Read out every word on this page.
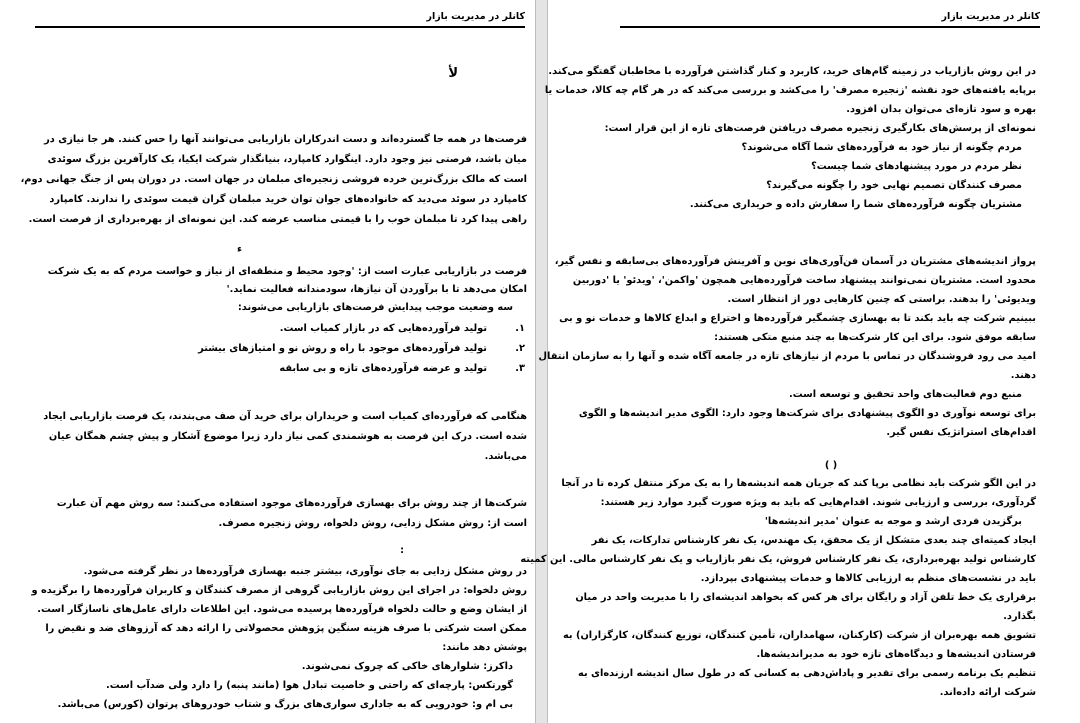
کانلر در مدیریت بازار
لأ
فرصت‌ها در همه جا گسترده‌اند و دست اندرکاران بازاریابی می‌توانند آنها را حس کنند. هر جا نیازی در
میان باشد، فرصتی نیز وجود دارد. اینگوارد کامپارد، بنیانگذار شرکت ایکیا، یک کارآفرین بزرگ سوئدی
است که مالک بزرگ‌ترین خرده فروشی زنجیره‌ای مبلمان در جهان است. در دوران پس از جنگ جهانی دوم،
کامپارد در سوئد می‌دید که خانواده‌های جوان توان خرید مبلمان گران قیمت سوئدی را ندارند. کامپارد
راهی پیدا کرد تا مبلمان خوب را با قیمتی مناسب عرضه کند. این نمونه‌ای از بهره‌برداری از فرصت است.
ء
فرصت در بازاریابی عبارت است از: 'وجود محیط و منطقه‌ای از نیاز و خواست مردم که به یک شرکت
امکان می‌دهد تا با برآوردن آن نیازها، سودمندانه فعالیت نماید.'
سه وضعیت موجب پیدایش فرصت‌های بازاریابی می‌شوند:
تولید فرآورده‌هایی که در بازار کمیاب است.	۱.
تولید فرآورده‌های موجود با راه و روش نو و امتیازهای بیشتر	۲.
تولید و عرضه فرآورده‌های تازه و بی سابقه	۳.
هنگامی که فرآورده‌ای کمیاب است و خریداران برای خرید آن صف می‌بندند، یک فرصت بازاریابی ایجاد
شده است. درک این فرصت به هوشمندی کمی نیاز دارد زیرا موضوع آشکار و پیش چشم همگان عیان
می‌باشد.
شرکت‌ها از چند روش برای بهسازی فرآورده‌های موجود استفاده می‌کنند: سه روش مهم آن عبارت
است از: روش مشکل زدایی، روش دلخواه، روش زنجیره مصرف.
:
در روش مشکل زدایی به جای نوآوری، بیشتر جنبه بهسازی فرآورده‌ها در نظر گرفته می‌شود.
روش دلخواه: در اجرای این روش بازاریابی گروهی از مصرف کنندگان و کاربران فرآورده‌ها را برگزیده و
از ایشان وضع و حالت دلخواه فرآورده‌ها پرسیده می‌شود. این اطلاعات دارای عامل‌های ناسازگار است.
ممکن است شرکتی با صرف هزینه سنگین پژوهش محصولاتی را ارائه دهد که آرزوهای ضد و نقیض را
پوشش دهد مانند:
داکرز: شلوارهای خاکی که چروک نمی‌شوند.
گورتکس: پارچه‌ای که راحتی و خاصیت تبادل هوا (مانند پنبه) را دارد ولی ضدآب است.
بی ام و: خودرویی که به جاداری سواری‌های بزرگ و شتاب خودروهای پرتوان (کورس) می‌باشد.
کانلر در مدیریت بازار
در این روش بازاریاب در زمینه گام‌های خرید، کاربرد و کنار گذاشتن فرآورده با مخاطبان گفتگو می‌کند.
برپایه یافته‌های خود نقشه 'زنجیره مصرف' را می‌کشد و بررسی می‌کند که در هر گام چه کالا، خدمات یا
بهره و سود تازه‌ای می‌توان بدان افزود.
نمونه‌ای از پرسش‌های بکارگیری زنجیره مصرف دریافتن فرصت‌های تازه از این قرار است:
مردم چگونه از نیاز خود به فرآورده‌های شما آگاه می‌شوند؟
نظر مردم در مورد پیشنهادهای شما چیست؟
مصرف کنندگان تصمیم نهایی خود را چگونه می‌گیرند؟
مشتریان چگونه فرآورده‌های شما را سفارش داده و خریداری می‌کنند.
پرواز اندیشه‌های مشتریان در آسمان فن‌آوری‌های نوین و آفرینش فرآورده‌های بی‌سابقه و نفس گیر،
محدود است. مشتریان نمی‌توانند پیشنهاد ساخت فرآورده‌هایی همچون 'واکمن'، 'ویدئو' یا 'دوربین
ویدیوئی' را بدهند. براستی که چنین کارهایی دور از انتظار است.
ببینیم شرکت چه باید بکند تا به بهسازی چشمگیر فرآورده‌ها و اختراع و ابداع کالاها و خدمات نو و بی
سابقه موفق شود. برای این کار شرکت‌ها به چند منبع متکی هستند:
امید می رود فروشندگان در تماس با مردم از نیازهای تازه در جامعه آگاه شده و آنها را به سازمان انتقال
دهند.
منبع دوم فعالیت‌های واحد تحقیق و توسعه است.
برای توسعه نوآوری دو الگوی پیشنهادی برای شرکت‌ها وجود دارد: الگوی مدیر اندیشه‌ها و الگوی
اقدام‌های استراتژیک نفس گیر.
( )
در این الگو شرکت باید نظامی برپا کند که جریان همه اندیشه‌ها را به یک مرکز منتقل کرده تا در آنجا
گردآوری، بررسی و ارزیابی شوند. اقدام‌هایی که باید به ویژه صورت گیرد موارد زیر هستند:
برگزیدن فردی ارشد و موجه به عنوان 'مدیر اندیشه‌ها'
ایجاد کمیته‌ای چند بعدی متشکل از یک محقق، یک مهندس، یک نفر کارشناس تدارکات، یک نفر
کارشناس تولید بهره‌برداری، یک نفر کارشناس فروش، یک نفر بازاریاب و یک نفر کارشناس مالی. این کمیته
باید در نشست‌های منظم به ارزیابی کالاها و خدمات پیشنهادی بپردازد.
برقراری یک خط تلفن آزاد و رایگان برای هر کس که بخواهد اندیشه‌ای را با مدیریت واحد در میان
بگذارد.
تشویق همه بهره‌بران از شرکت (کارکنان، سهامداران، تأمین کنندگان، توزیع کنندگان، کارگزاران) به
فرستادن اندیشه‌ها و دیدگاه‌های تازه خود به مدیراندیشه‌ها.
تنظیم یک برنامه رسمی برای تقدیر و پاداش‌دهی به کسانی که در طول سال اندیشه ارزنده‌ای به
شرکت ارائه داده‌اند.
